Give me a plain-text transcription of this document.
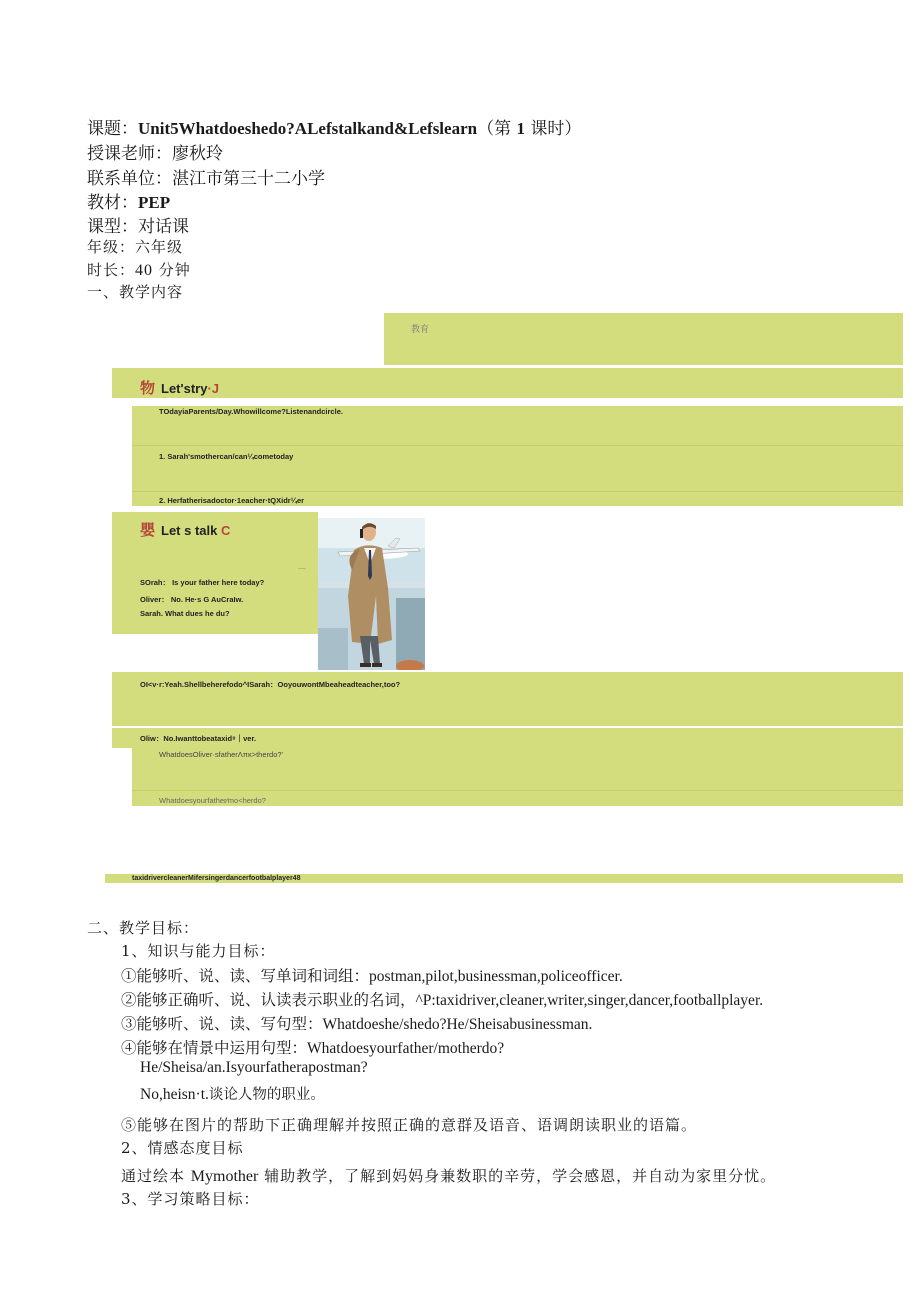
课题：Unit5Whatdoeshedo?ALefstalkand&Lefslearn（第 1 课时）
授课老师：廖秋玲
联系单位：湛江市第三十二小学
教材：PEP
课型：对话课
年级：六年级
时长：40 分钟
一、教学内容
教育
物 Let'stry·J
TOdayiaParents/Day.Whowillcome?Listenandcircle.
1. Sarah'smothercan/can¼cometoday
2. Herfatherisadoctor·1eacher·tQXidr¼er
嬰 Let s talk C
—
SOrah： Is your father here today?
Oliver： No. He·s G AuCraIw.
Sarah. What dues he du?
OI<v·r:Yeah.Shellbeherefodo^ISarah：OoyouwontMbeaheadteacher,too?
Oliw：No.Iwanttobeataxid⁸｜ver.
WhatdoesOliver·sfatherΛπκ>therdo?'
Whatdoesyourfather∕mo<herdo?
taxidrivercleanerMifersingerdancerfootbalplayer48
二、教学目标：
1、知识与能力目标：
①能够听、说、读、写单词和词组：postman,pilot,businessman,policeofficer.
②能够正确听、说、认读表示职业的名词，^P:taxidriver,cleaner,writer,singer,dancer,footballplayer.
③能够听、说、读、写句型：Whatdoeshe/shedo?He/Sheisabusinessman.
④能够在情景中运用句型：Whatdoesyourfather/motherdo?
He/Sheisa/an.Isyourfatherapostman?
No,heisn·t.谈论人物的职业。
⑤能够在图片的帮助下正确理解并按照正确的意群及语音、语调朗读职业的语篇。
2、情感态度目标
通过绘本 Mymother 辅助教学，了解到妈妈身兼数职的辛劳，学会感恩，并自动为家里分忧。
3、学习策略目标：
